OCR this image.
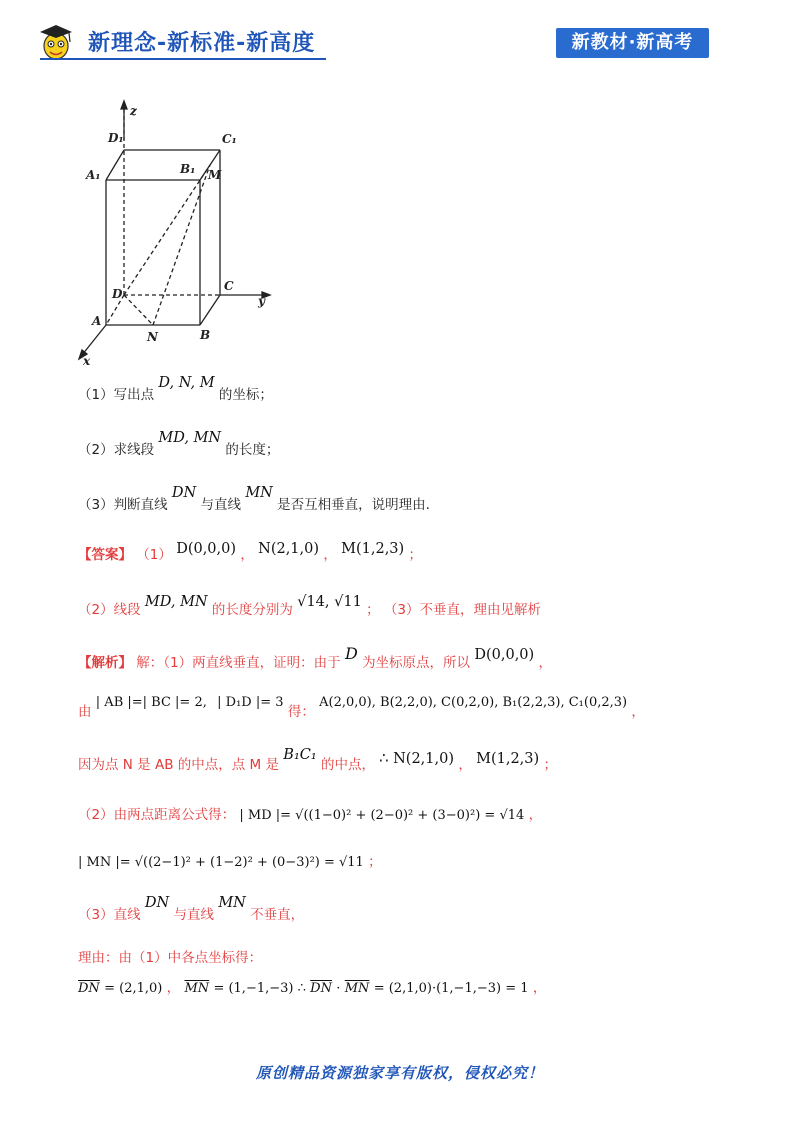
新理念-新标准-新高度	新教材·新高考
z
y
x
D₁	C₁
A₁	B₁ M
D
C
A
B
N
（1）写出点 D, N, M 的坐标；
（2）求线段 MD, MN 的长度；
（3）判断直线 DN 与直线 MN 是否互相垂直，说明理由.
【答案】 （1） D(0,0,0) ， N(2,1,0) ， M(1,2,3) ；
（2）线段 MD, MN 的长度分别为 √14, √11 ； （3）不垂直，理由见解析
【解析】 解：（1）两直线垂直，证明：由于 D 为坐标原点，所以 D(0,0,0) ，
由 | AB |=| BC |= 2, | D₁D |= 3 得： A(2,0,0), B(2,2,0), C(0,2,0), B₁(2,2,3), C₁(0,2,3) ，
因为点 N 是 AB 的中点，点 M 是 B₁C₁ 的中点， ∴ N(2,1,0) ， M(1,2,3) ；
（2）由两点距离公式得： | MD |= √((1−0)² + (2−0)² + (3−0)²) = √14 ，
| MN |= √((2−1)² + (1−2)² + (0−3)²) = √11 ；
（3）直线 DN 与直线 MN 不垂直，
理由：由（1）中各点坐标得：
$\overline{DN} = (2,1,0)$ ， $\overline{MN} = (1,-1,-3)$ ∴ $\overline{DN} \cdot \overline{MN} = (2,1,0)\cdot(1,-1,-3) = 1$ ，
原创精品资源独家享有版权，侵权必究！
